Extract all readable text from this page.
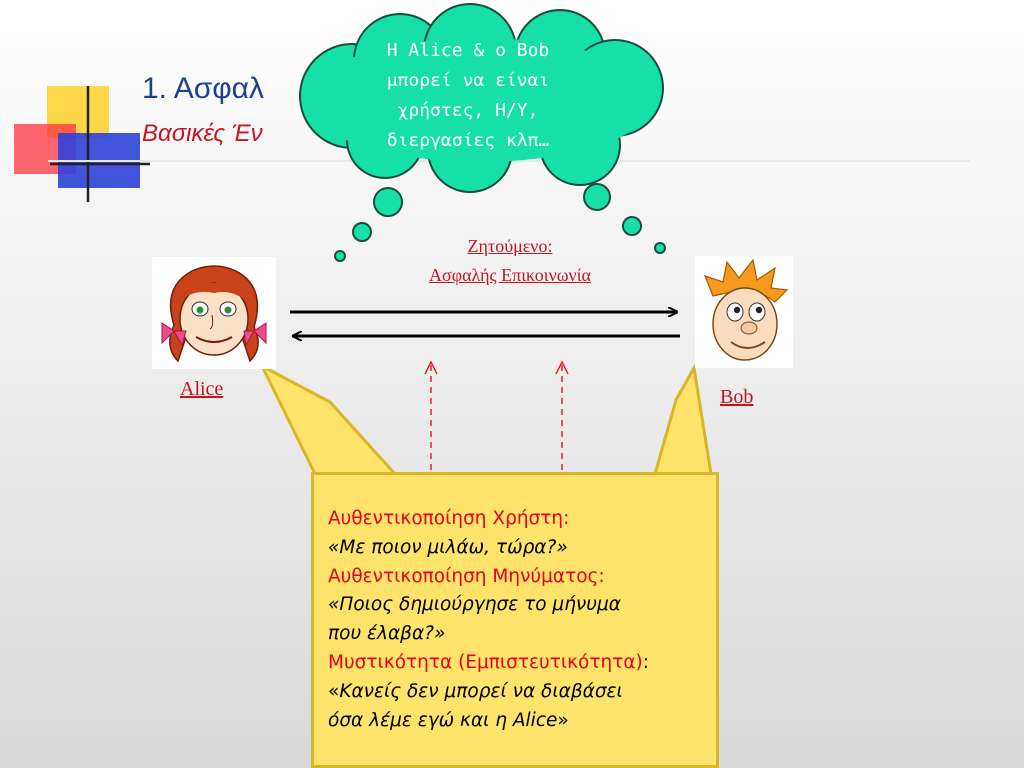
1. Ασφαλ
Βασικές Έν
Η Alice & ο Bob
μπορεί να είναι
χρήστες, Η/Υ,
διεργασίες κλπ…
Ζητούμενο:
Ασφαλής Επικοινωνία
Alice	Bob
Αυθεντικοποίηση Χρήστη:
«Με ποιον μιλάω, τώρα?»
Αυθεντικοποίηση Μηνύματος:
«Ποιος δημιούργησε το μήνυμα
που έλαβα?»
Μυστικότητα (Εμπιστευτικότητα):
«Κανείς δεν μπορεί να διαβάσει
όσα λέμε εγώ και η Alice»
